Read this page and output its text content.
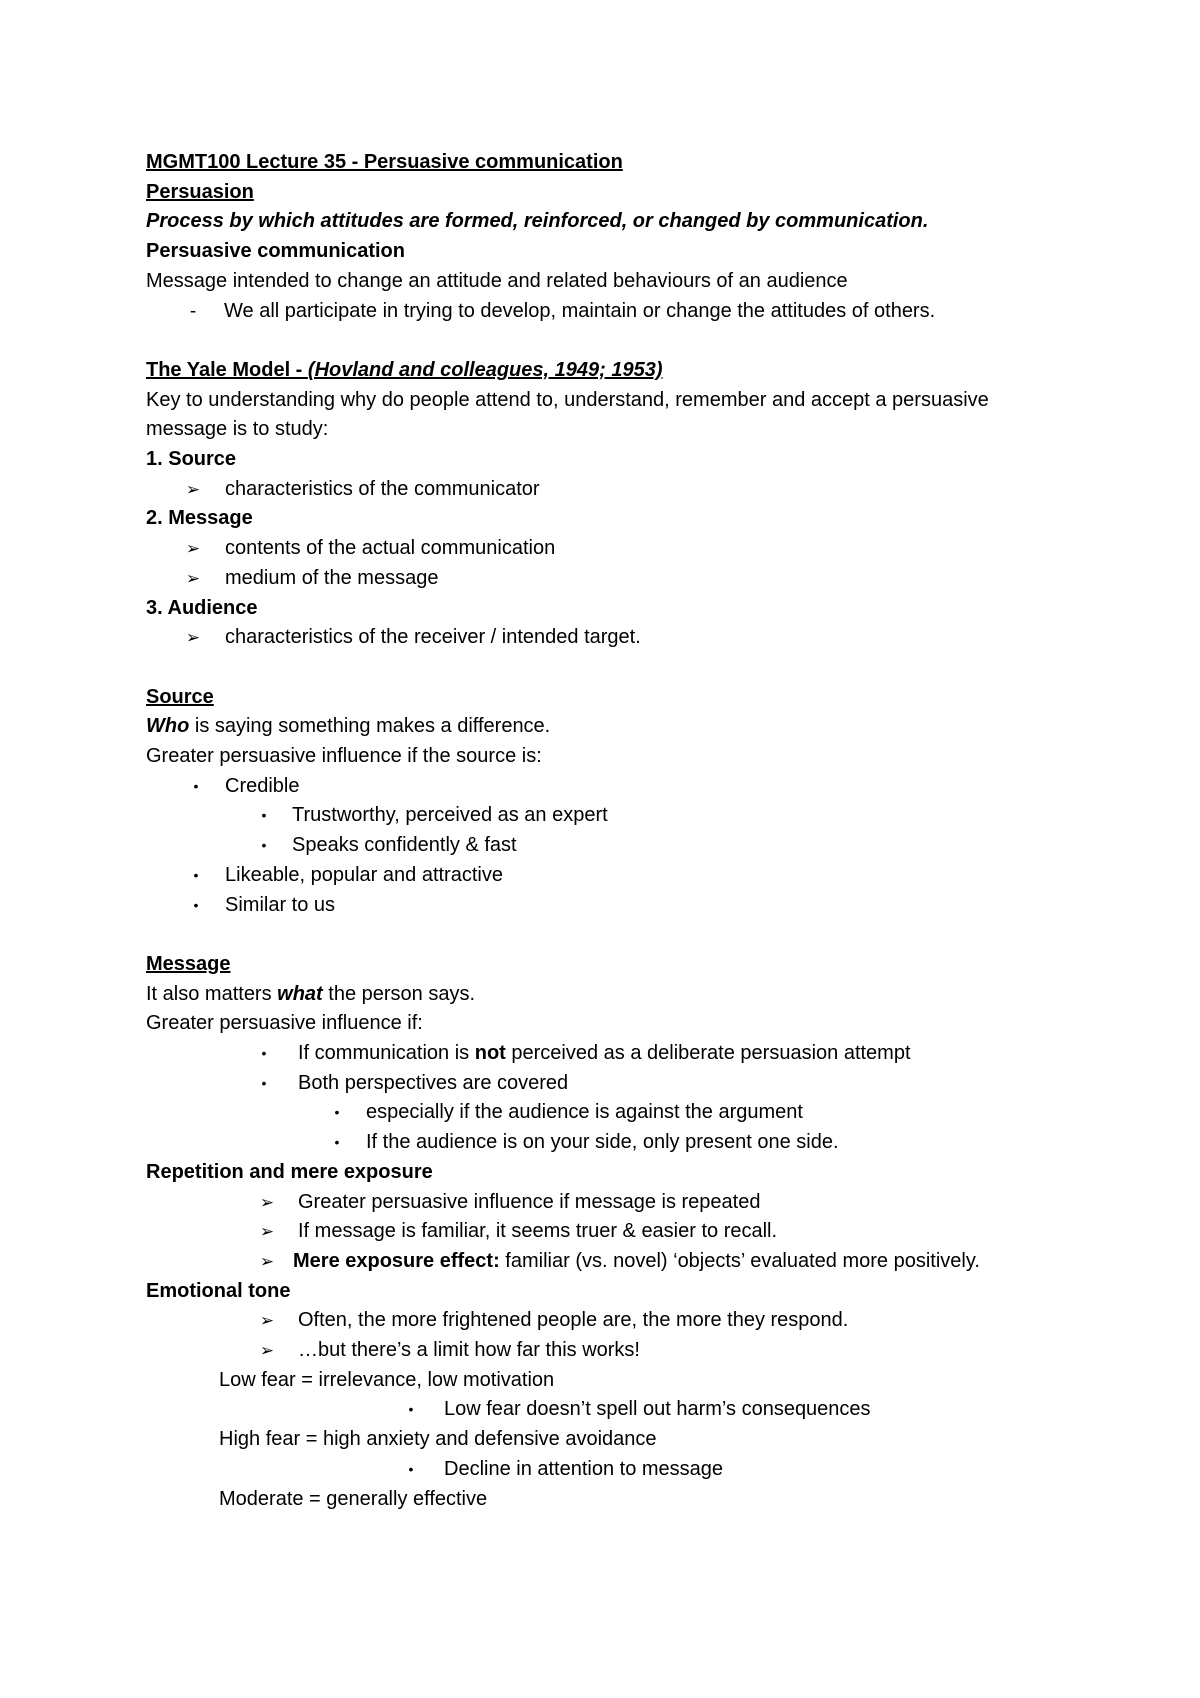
MGMT100 Lecture 35 - Persuasive communication
Persuasion
Process by which attitudes are formed, reinforced, or changed by communication.
Persuasive communication
Message intended to change an attitude and related behaviours of an audience
-	We all participate in trying to develop, maintain or change the attitudes of others.
The Yale Model - (Hovland and colleagues, 1949; 1953)
Key to understanding why do people attend to, understand, remember and accept a persuasive message is to study:
1. Source
➢ characteristics of the communicator
2. Message
➢ contents of the actual communication
➢ medium of the message
3. Audience
➢ characteristics of the receiver / intended target.
Source
Who is saying something makes a difference.
Greater persuasive influence if the source is:
•	Credible
•	Trustworthy, perceived as an expert
•	Speaks confidently & fast
•	Likeable, popular and attractive
•	Similar to us
Message
It also matters what the person says.
Greater persuasive influence if:
•	If communication is not perceived as a deliberate persuasion attempt
•	Both perspectives are covered
•	especially if the audience is against the argument
•	If the audience is on your side, only present one side.
Repetition and mere exposure
➢ Greater persuasive influence if message is repeated
➢ If message is familiar, it seems truer & easier to recall.
➢ Mere exposure effect: familiar (vs. novel) ‘objects’ evaluated more positively.
Emotional tone
➢ Often, the more frightened people are, the more they respond.
➢ …but there’s a limit how far this works!
Low fear = irrelevance, low motivation
•	Low fear doesn’t spell out harm’s consequences
High fear = high anxiety and defensive avoidance
•	Decline in attention to message
Moderate = generally effective
